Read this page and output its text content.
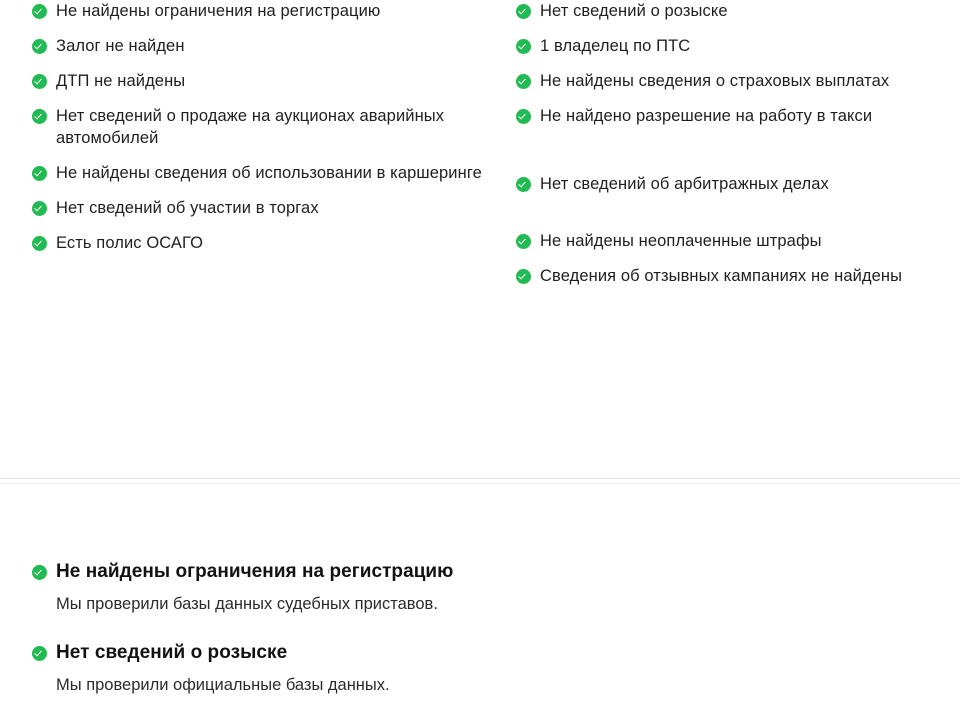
Не найдены ограничения на регистрацию
Залог не найден
ДТП не найдены
Нет сведений о продаже на аукционах аварийных автомобилей
Не найдены сведения об использовании в каршеринге
Нет сведений об участии в торгах
Есть полис ОСАГО
Нет сведений о розыске
1 владелец по ПТС
Не найдены сведения о страховых выплатах
Не найдено разрешение на работу в такси
Нет сведений об арбитражных делах
Не найдены неоплаченные штрафы
Сведения об отзывных кампаниях не найдены
Не найдены ограничения на регистрацию
Мы проверили базы данных судебных приставов.
Нет сведений о розыске
Мы проверили официальные базы данных.
